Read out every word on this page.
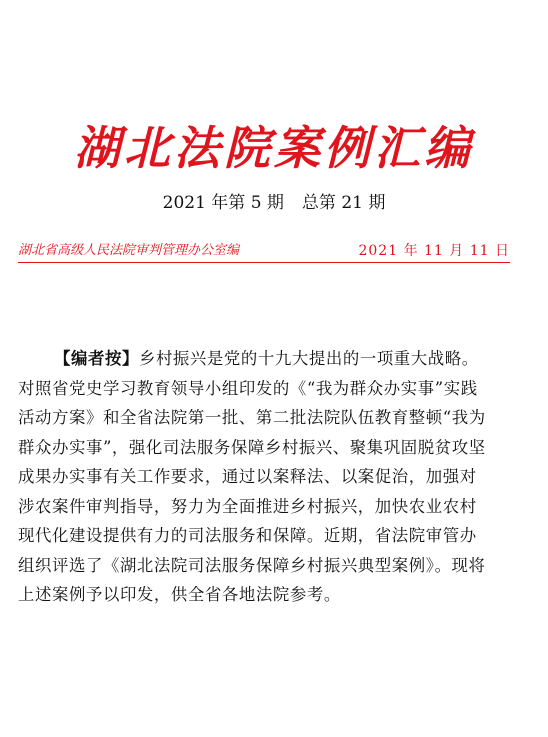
湖北法院案例汇编
2021 年第 5 期 总第 21 期
湖北省高级人民法院审判管理办公室编	2021 年 11 月 11 日
【编者按】乡村振兴是党的十九大提出的一项重大战略。
对照省党史学习教育领导小组印发的《“我为群众办实事”实践
活动方案》和全省法院第一批、第二批法院队伍教育整顿“我为
群众办实事”，强化司法服务保障乡村振兴、聚集巩固脱贫攻坚
成果办实事有关工作要求，通过以案释法、以案促治，加强对
涉农案件审判指导，努力为全面推进乡村振兴，加快农业农村
现代化建设提供有力的司法服务和保障。近期，省法院审管办
组织评选了《湖北法院司法服务保障乡村振兴典型案例》。现将
上述案例予以印发，供全省各地法院参考。
